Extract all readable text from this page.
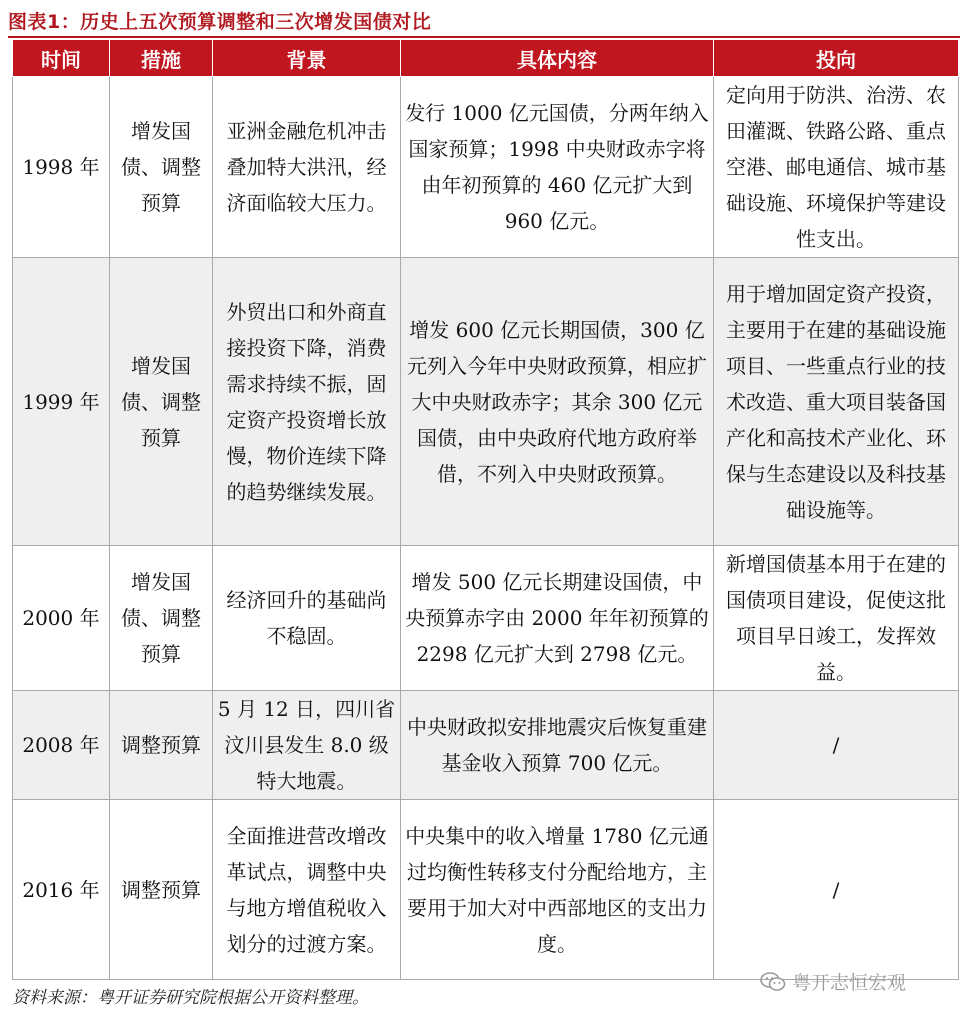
图表1：历史上五次预算调整和三次增发国债对比
时间	措施	背景	具体内容	投向
1998 年	增发国债、调整预算	亚洲金融危机冲击叠加特大洪汛，经济面临较大压力。	发行 1000 亿元国债，分两年纳入国家预算；1998 中央财政赤字将由年初预算的 460 亿元扩大到 960 亿元。	定向用于防洪、治涝、农田灌溉、铁路公路、重点空港、邮电通信、城市基础设施、环境保护等建设性支出。
1999 年	增发国债、调整预算	外贸出口和外商直接投资下降，消费需求持续不振，固定资产投资增长放慢，物价连续下降的趋势继续发展。	增发 600 亿元长期国债，300 亿元列入今年中央财政预算，相应扩大中央财政赤字；其余 300 亿元国债，由中央政府代地方政府举借，不列入中央财政预算。	用于增加固定资产投资，主要用于在建的基础设施项目、一些重点行业的技术改造、重大项目装备国产化和高技术产业化、环保与生态建设以及科技基础设施等。
2000 年	增发国债、调整预算	经济回升的基础尚不稳固。	增发 500 亿元长期建设国债，中央预算赤字由 2000 年年初预算的 2298 亿元扩大到 2798 亿元。	新增国债基本用于在建的国债项目建设，促使这批项目早日竣工，发挥效益。
2008 年	调整预算	5 月 12 日，四川省汶川县发生 8.0 级特大地震。	中央财政拟安排地震灾后恢复重建基金收入预算 700 亿元。	/
2016 年	调整预算	全面推进营改增改革试点，调整中央与地方增值税收入划分的过渡方案。	中央集中的收入增量 1780 亿元通过均衡性转移支付分配给地方，主要用于加大对中西部地区的支出力度。	/
资料来源：粤开证券研究院根据公开资料整理。
粤开志恒宏观
